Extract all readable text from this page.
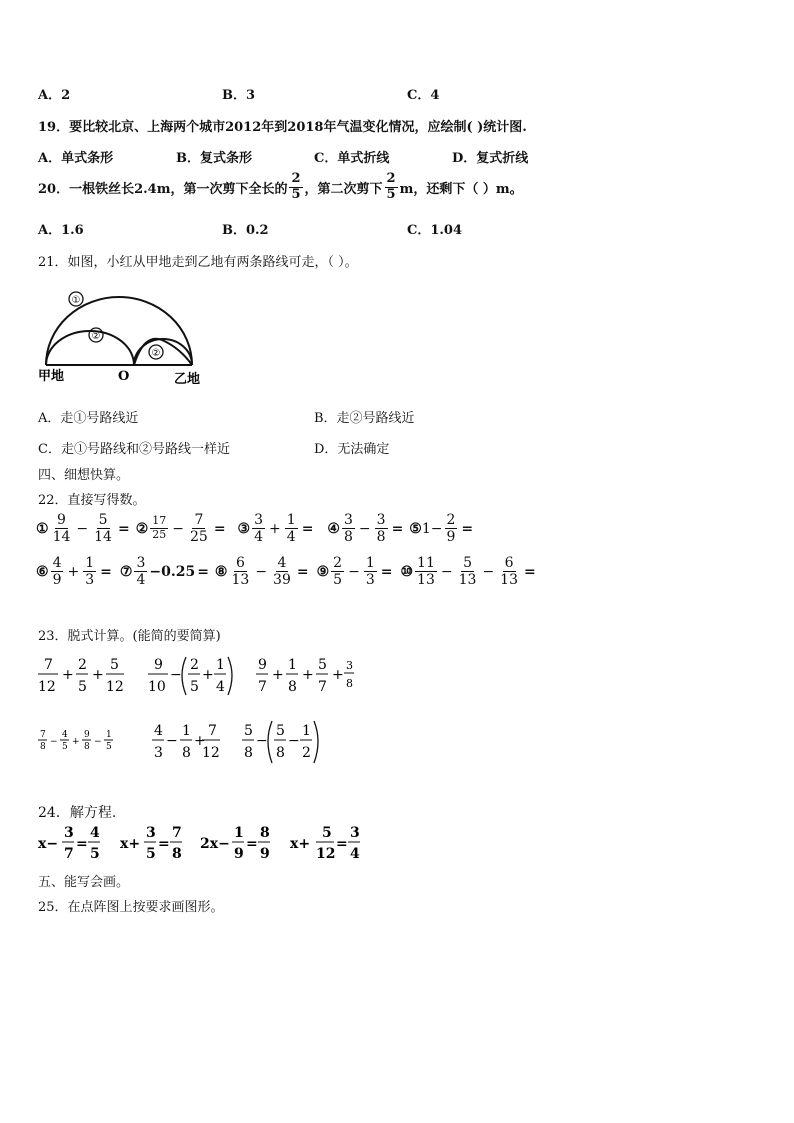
A．2	B．3	C．4
19．要比较北京、上海两个城市2012年到2018年气温变化情况，应绘制( )统计图.
A．单式条形	B．复式条形	C．单式折线	D．复式折线
20．一根铁丝长2.4m，第一次剪下全长的 $\frac{2}{5}$ ，第二次剪下 $\frac{2}{5}$ m，还剩下（ ）m。
A．1.6	B．0.2	C．1.04
21．如图，小红从甲地走到乙地有两条路线可走，（ ）。
①
②
②
甲地	O	乙地
A．走①号路线近	B．走②号路线近
C．走①号路线和②号路线一样近	D．无法确定
四、细想快算。
22．直接写得数。
① $\frac{9}{14} - \frac{5}{14}$ = ② $\frac{17}{25} - \frac{7}{25}$ = ③ $\frac{3}{4} + \frac{1}{4}$ = ④ $\frac{3}{8} - \frac{3}{8}$ = ⑤ $1- \frac{2}{9}$ =
⑥ $\frac{4}{9} + \frac{1}{3}$ = ⑦ $\frac{3}{4} -0.25$ = ⑧ $\frac{6}{13} - \frac{4}{39}$ = ⑨ $\frac{2}{5} - \frac{1}{3}$ = ⑩ $\frac{11}{13} - \frac{5}{13} - \frac{6}{13}$ =
23．脱式计算。(能简的要简算)
7
12
+
2
5
+
5
12
9
10
−
2
5
+
1
4
9
7
+
1
8
+
5
7
+
3
8
7
8 −
4
5 +
9
8 −
1
5
4
3
−
1
8
+
7
12
5
8
−
5
8
−
1
2
24．解方程.
x−
3
7
=
4
5
x+
3
5
=
7
8
2x−
1
9
=
8
9
x+
5
12
=
3
4
五、能写会画。
25．在点阵图上按要求画图形。
